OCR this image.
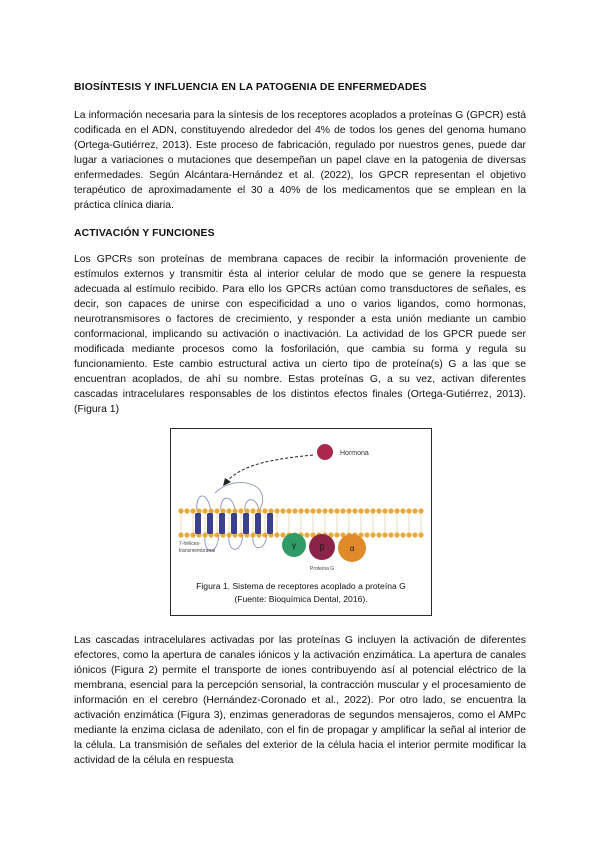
BIOSÍNTESIS Y INFLUENCIA EN LA PATOGENIA DE ENFERMEDADES

La información necesaria para la síntesis de los receptores acoplados a proteínas G (GPCR) está codificada en el ADN, constituyendo alrededor del 4% de todos los genes del genoma humano (Ortega-Gutiérrez, 2013). Este proceso de fabricación, regulado por nuestros genes, puede dar lugar a variaciones o mutaciones que desempeñan un papel clave en la patogenia de diversas enfermedades. Según Alcántara-Hernández et al. (2022), los GPCR representan el objetivo terapéutico de aproximadamente el 30 a 40% de los medicamentos que se emplean en la práctica clínica diaria.

ACTIVACIÓN Y FUNCIONES

Los GPCRs son proteínas de membrana capaces de recibir la información proveniente de estímulos externos y transmitir ésta al interior celular de modo que se genere la respuesta adecuada al estímulo recibido. Para ello los GPCRs actúan como transductores de señales, es decir, son capaces de unirse con especificidad a uno o varios ligandos, como hormonas, neurotransmisores o factores de crecimiento, y responder a esta unión mediante un cambio conformacional, implicando su activación o inactivación. La actividad de los GPCR puede ser modificada mediante procesos como la fosforilación, que cambia su forma y regula su funcionamiento. Este cambio estructural activa un cierto tipo de proteína(s) G a las que se encuentran acoplados, de ahí su nombre. Estas proteínas G, a su vez, activan diferentes cascadas intracelulares responsables de los distintos efectos finales (Ortega-Gutiérrez, 2013). (Figura 1)

Hormona
7-hélices-
transmembranal
γ	β	α
Proteína G
Figura 1. Sistema de receptores acoplado a proteína G
(Fuente: Bioquímica Dental, 2016).

Las cascadas intracelulares activadas por las proteínas G incluyen la activación de diferentes efectores, como la apertura de canales iónicos y la activación enzimática. La apertura de canales iónicos (Figura 2) permite el transporte de iones contribuyendo así al potencial eléctrico de la membrana, esencial para la percepción sensorial, la contracción muscular y el procesamiento de información en el cerebro (Hernández-Coronado et al., 2022). Por otro lado, se encuentra la activación enzimática (Figura 3), enzimas generadoras de segundos mensajeros, como el AMPc mediante la enzima ciclasa de adenilato, con el fin de propagar y amplificar la señal al interior de la célula. La transmisión de señales del exterior de la célula hacia el interior permite modificar la actividad de la célula en respuesta
